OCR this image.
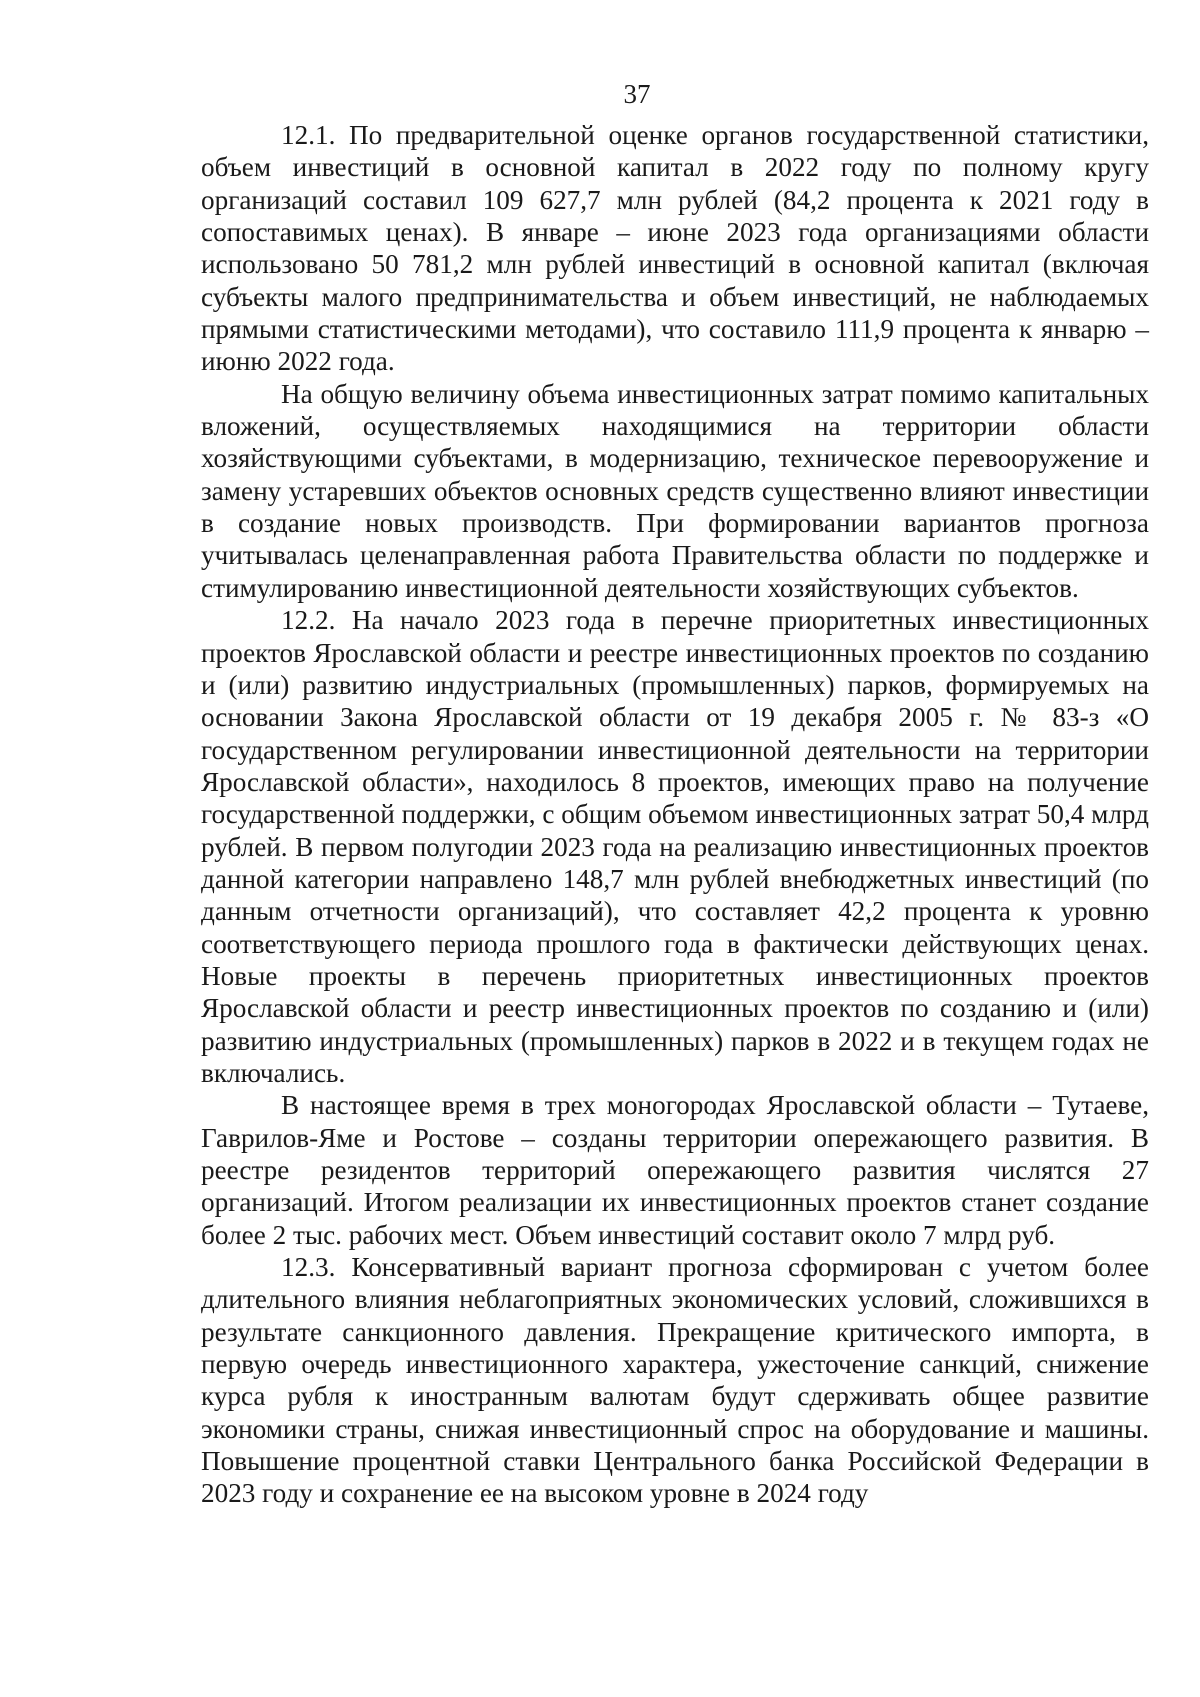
37

12.1. По предварительной оценке органов государственной статистики, объем инвестиций в основной капитал в 2022 году по полному кругу организаций составил 109 627,7 млн рублей (84,2 процента к 2021 году в сопоставимых ценах). В январе – июне 2023 года организациями области использовано 50 781,2 млн рублей инвестиций в основной капитал (включая субъекты малого предпринимательства и объем инвестиций, не наблюдаемых прямыми статистическими методами), что составило 111,9 процента к январю – июню 2022 года.

На общую величину объема инвестиционных затрат помимо капитальных вложений, осуществляемых находящимися на территории области хозяйствующими субъектами, в модернизацию, техническое перевооружение и замену устаревших объектов основных средств существенно влияют инвестиции в создание новых производств. При формировании вариантов прогноза учитывалась целенаправленная работа Правительства области по поддержке и стимулированию инвестиционной деятельности хозяйствующих субъектов.

12.2. На начало 2023 года в перечне приоритетных инвестиционных проектов Ярославской области и реестре инвестиционных проектов по созданию и (или) развитию индустриальных (промышленных) парков, формируемых на основании Закона Ярославской области от 19 декабря 2005 г. № 83-з «О государственном регулировании инвестиционной деятельности на территории Ярославской области», находилось 8 проектов, имеющих право на получение государственной поддержки, с общим объемом инвестиционных затрат 50,4 млрд рублей. В первом полугодии 2023 года на реализацию инвестиционных проектов данной категории направлено 148,7 млн рублей внебюджетных инвестиций (по данным отчетности организаций), что составляет 42,2 процента к уровню соответствующего периода прошлого года в фактически действующих ценах. Новые проекты в перечень приоритетных инвестиционных проектов Ярославской области и реестр инвестиционных проектов по созданию и (или) развитию индустриальных (промышленных) парков в 2022 и в текущем годах не включались.

В настоящее время в трех моногородах Ярославской области – Тутаеве, Гаврилов-Яме и Ростове – созданы территории опережающего развития. В реестре резидентов территорий опережающего развития числятся 27 организаций. Итогом реализации их инвестиционных проектов станет создание более 2 тыс. рабочих мест. Объем инвестиций составит около 7 млрд руб.

12.3. Консервативный вариант прогноза сформирован с учетом более длительного влияния неблагоприятных экономических условий, сложившихся в результате санкционного давления. Прекращение критического импорта, в первую очередь инвестиционного характера, ужесточение санкций, снижение курса рубля к иностранным валютам будут сдерживать общее развитие экономики страны, снижая инвестиционный спрос на оборудование и машины. Повышение процентной ставки Центрального банка Российской Федерации в 2023 году и сохранение ее на высоком уровне в 2024 году
